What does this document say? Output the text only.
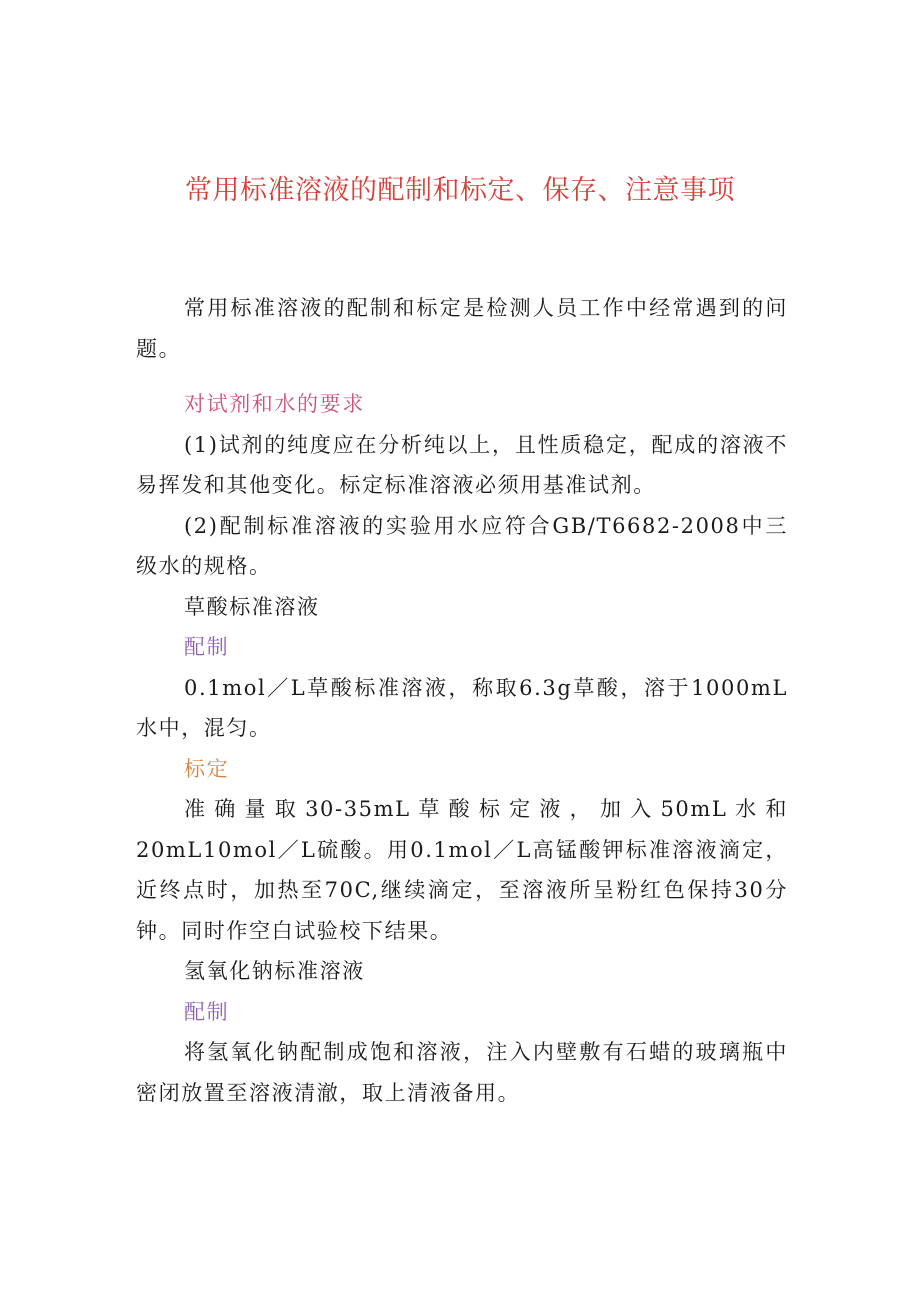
常用标准溶液的配制和标定、保存、注意事项

常用标准溶液的配制和标定是检测人员工作中经常遇到的问题。

对试剂和水的要求

(1)试剂的纯度应在分析纯以上，且性质稳定，配成的溶液不易挥发和其他变化。标定标准溶液必须用基准试剂。

(2)配制标准溶液的实验用水应符合GB/T6682-2008中三级水的规格。

草酸标准溶液

配制

0.1mol／L草酸标准溶液，称取6.3g草酸，溶于1000mL水中，混匀。

标定

准确量取30-35mL草酸标定液，加入50mL水和20mL10mol／L硫酸。用0.1mol／L高锰酸钾标准溶液滴定，近终点时，加热至70C,继续滴定，至溶液所呈粉红色保持30分钟。同时作空白试验校下结果。

氢氧化钠标准溶液

配制

将氢氧化钠配制成饱和溶液，注入内壁敷有石蜡的玻璃瓶中密闭放置至溶液清澈，取上清液备用。
